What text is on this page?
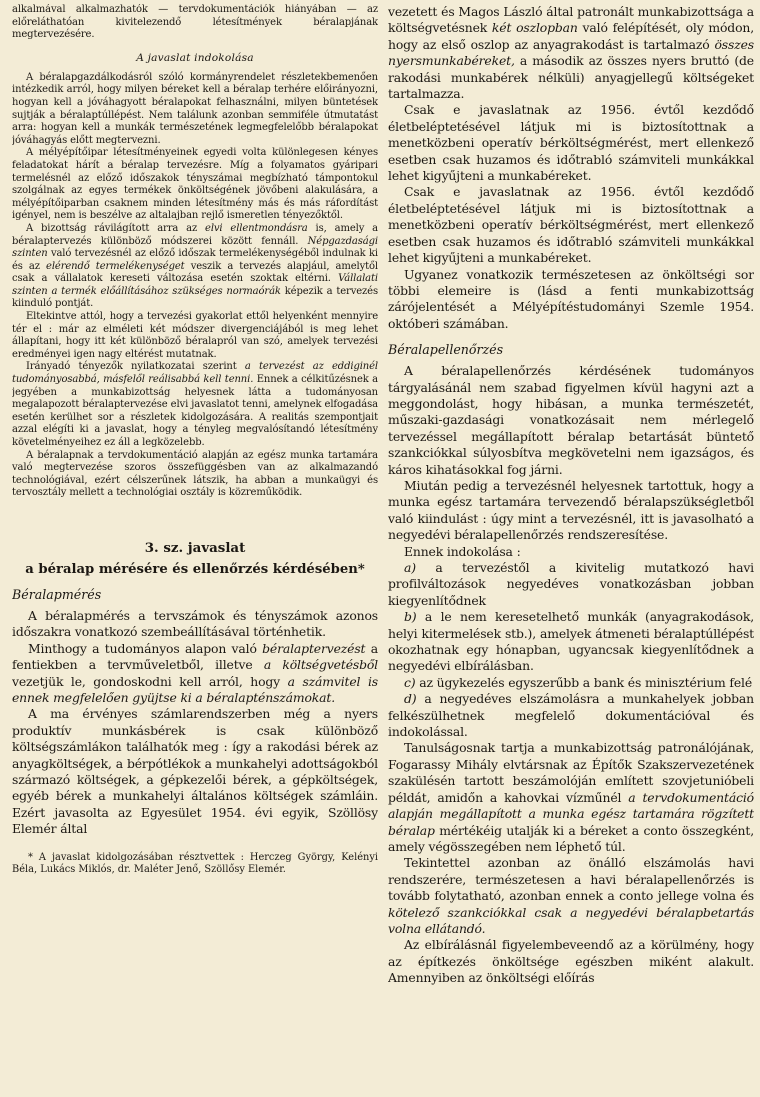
alkalmával alkalmazhatók — tervdokumentációk hiányában — az előreláthatóan kivitelezendő létesítmények béralapjának megtervezésére.

A javaslat indokolása

A béralapgazdálkodásról szóló kormányrendelet részletekbemenően intézkedik arról, hogy milyen béreket kell a béralap terhére előirányozni, hogyan kell a jóváhagyott béralapokat felhasználni, milyen büntetések sujtják a béralaptúllépést. Nem találunk azonban semmiféle útmutatást arra: hogyan kell a munkák természetének legmegfelelőbb béralapokat jóváhagyás előtt megtervezni.

A mélyépítőipar létesítményeinek egyedi volta különlegesen kényes feladatokat hárít a béralap tervezésre. Míg a folyamatos gyáripari termelésnél az előző időszakok tényszámai megbízható támpontokul szolgálnak az egyes termékek önköltségének jövőbeni alakulására, a mélyépítőiparban csaknem minden létesítmény más és más ráfordítást igényel, nem is beszélve az altalajban rejlő ismeretlen tényezőktől.

A bizottság rávilágított arra az elvi ellentmondásra is, amely a béralaptervezés különböző módszerei között fennáll. Népgazdasági szinten való tervezésnél az előző időszak termelékenységéből indulnak ki és az elérendő termelékenységet veszik a tervezés alapjául, amelytől csak a vállalatok kereseti változása esetén szoktak eltérni. Vállalati szinten a termék előállításához szükséges normaórák képezik a tervezés kiinduló pontját.

Eltekintve attól, hogy a tervezési gyakorlat ettől helyenként mennyire tér el : már az elméleti két módszer divergenciájából is meg lehet állapítani, hogy itt két különböző béralapról van szó, amelyek tervezési eredményei igen nagy eltérést mutatnak.

Irányadó tényezők nyilatkozatai szerint a tervezést az eddiginél tudományosabbá, másfelől reálisabbá kell tenni. Ennek a célkitűzésnek a jegyében a munkabizottság helyesnek látta a tudományosan megalapozott béralaptervezése elvi javaslatot tenni, amelynek elfogadása esetén kerülhet sor a részletek kidolgozására. A realitás szempontjait azzal elégíti ki a javaslat, hogy a tényleg megvalósítandó létesítmény követelményeihez ez áll a legközelebb.

A béralapnak a tervdokumentáció alapján az egész munka tartamára való megtervezése szoros összefüggésben van az alkalmazandó technológiával, ezért célszerűnek látszik, ha abban a munkaügyi és tervosztály mellett a technológiai osztály is közreműködik.

3. sz. javaslat
a béralap mérésére és ellenőrzés kérdésében*
Béralapmérés

A béralapmérés a tervszámok és tényszámok azonos időszakra vonatkozó szembeállításával történhetik.

Minthogy a tudományos alapon való béralaptervezést a fentiekben a tervműveletből, illetve a költségvetésből vezetjük le, gondoskodni kell arról, hogy a számvitel is ennek megfelelően gyüjtse ki a béralapténszámokat.

A ma érvényes számlarendszerben még a nyers produktív munkásbérek is csak különböző költségszámlákon találhatók meg : így a rakodási bérek az anyagköltségek, a bérpótlékok a munkahelyi adottságokból származó költségek, a gépkezelői bérek, a gépköltségek, egyéb bérek a munkahelyi általános költségek számláin. Ezért javasolta az Egyesület 1954. évi egyik, Szöllösy Elemér által

* A javaslat kidolgozásában résztvettek : Herczeg György, Kelényi Béla, Lukács Miklós, dr. Maléter Jenő, Szöllősy Elemér.

vezetett és Magos László által patronált munkabizottsága a költségvetésnek két oszlopban való felépítését, oly módon, hogy az első oszlop az anyagrakodást is tartalmazó összes nyersmunkabéreket, a második az összes nyers bruttó (de rakodási munkabérek nélküli) anyagjellegű költségeket tartalmazza.

Csak e javaslatnak az 1956. évtől kezdődő életbeléptetésével látjuk mi is biztosítottnak a menetközbeni operatív bérköltségmérést, mert ellenkező esetben csak huzamos és időtrabló számviteli munkákkal lehet kigyűjteni a munkabéreket.

Csak e javaslatnak az 1956. évtől kezdődő életbeléptetésével látjuk mi is biztosítottnak a menetközbeni operatív bérköltségmérést, mert ellenkező esetben csak huzamos és időtrabló számviteli munkákkal lehet kigyűjteni a munkabéreket.

Ugyanez vonatkozik természetesen az önköltségi sor többi elemeire is (lásd a fenti munkabizottság zárójelentését a Mélyépítéstudományi Szemle 1954. októberi számában.

Béralapellenőrzés

A béralapellenőrzés kérdésének tudományos tárgyalásánál nem szabad figyelmen kívül hagyni azt a meggondolást, hogy hibásan, a munka természetét, műszaki-gazdasági vonatkozásait nem mérlegelő tervezéssel megállapított béralap betartását büntető szankciókkal súlyosbítva megkövetelni nem igazságos, és káros kihatásokkal fog járni.

Miután pedig a tervezésnél helyesnek tartottuk, hogy a munka egész tartamára tervezendő béralapszükségletből való kiindulást : úgy mint a tervezésnél, itt is javasolható a negyedévi béralapellenőrzés rendszeresítése.

Ennek indokolása :

a) a tervezéstől a kivitelig mutatkozó havi profilváltozások negyedéves vonatkozásban jobban kiegyenlítődnek

b) a le nem keresetelhető munkák (anyagrakodások, helyi kitermelések stb.), amelyek átmeneti béralaptúllépést okozhatnak egy hónapban, ugyancsak kiegyenlítődnek a negyedévi elbírálásban.

c) az ügykezelés egyszerűbb a bank és minisztérium felé

d) a negyedéves elszámolásra a munkahelyek jobban felkészülhetnek megfelelő dokumentációval és indokolással.

Tanulságosnak tartja a munkabizottság patronálójának, Fogarassy Mihály elvtársnak az Építők Szakszervezetének szakülésén tartott beszámolóján említett szovjetunióbeli példát, amidőn a kahovkai vízműnél a tervdokumentáció alapján megállapított a munka egész tartamára rögzített béralap mértékéig utalják ki a béreket a conto összegként, amely végösszegében nem léphető túl.

Tekintettel azonban az önálló elszámolás havi rendszerére, természetesen a havi béralapellenőrzés is tovább folytatható, azonban ennek a conto jellege volna és kötelező szankciókkal csak a negyedévi béralapbetartás volna ellátandó.

Az elbírálásnál figyelembeveendő az a körülmény, hogy az építkezés önköltsége egészben miként alakult. Amennyiben az önköltségi előírás
